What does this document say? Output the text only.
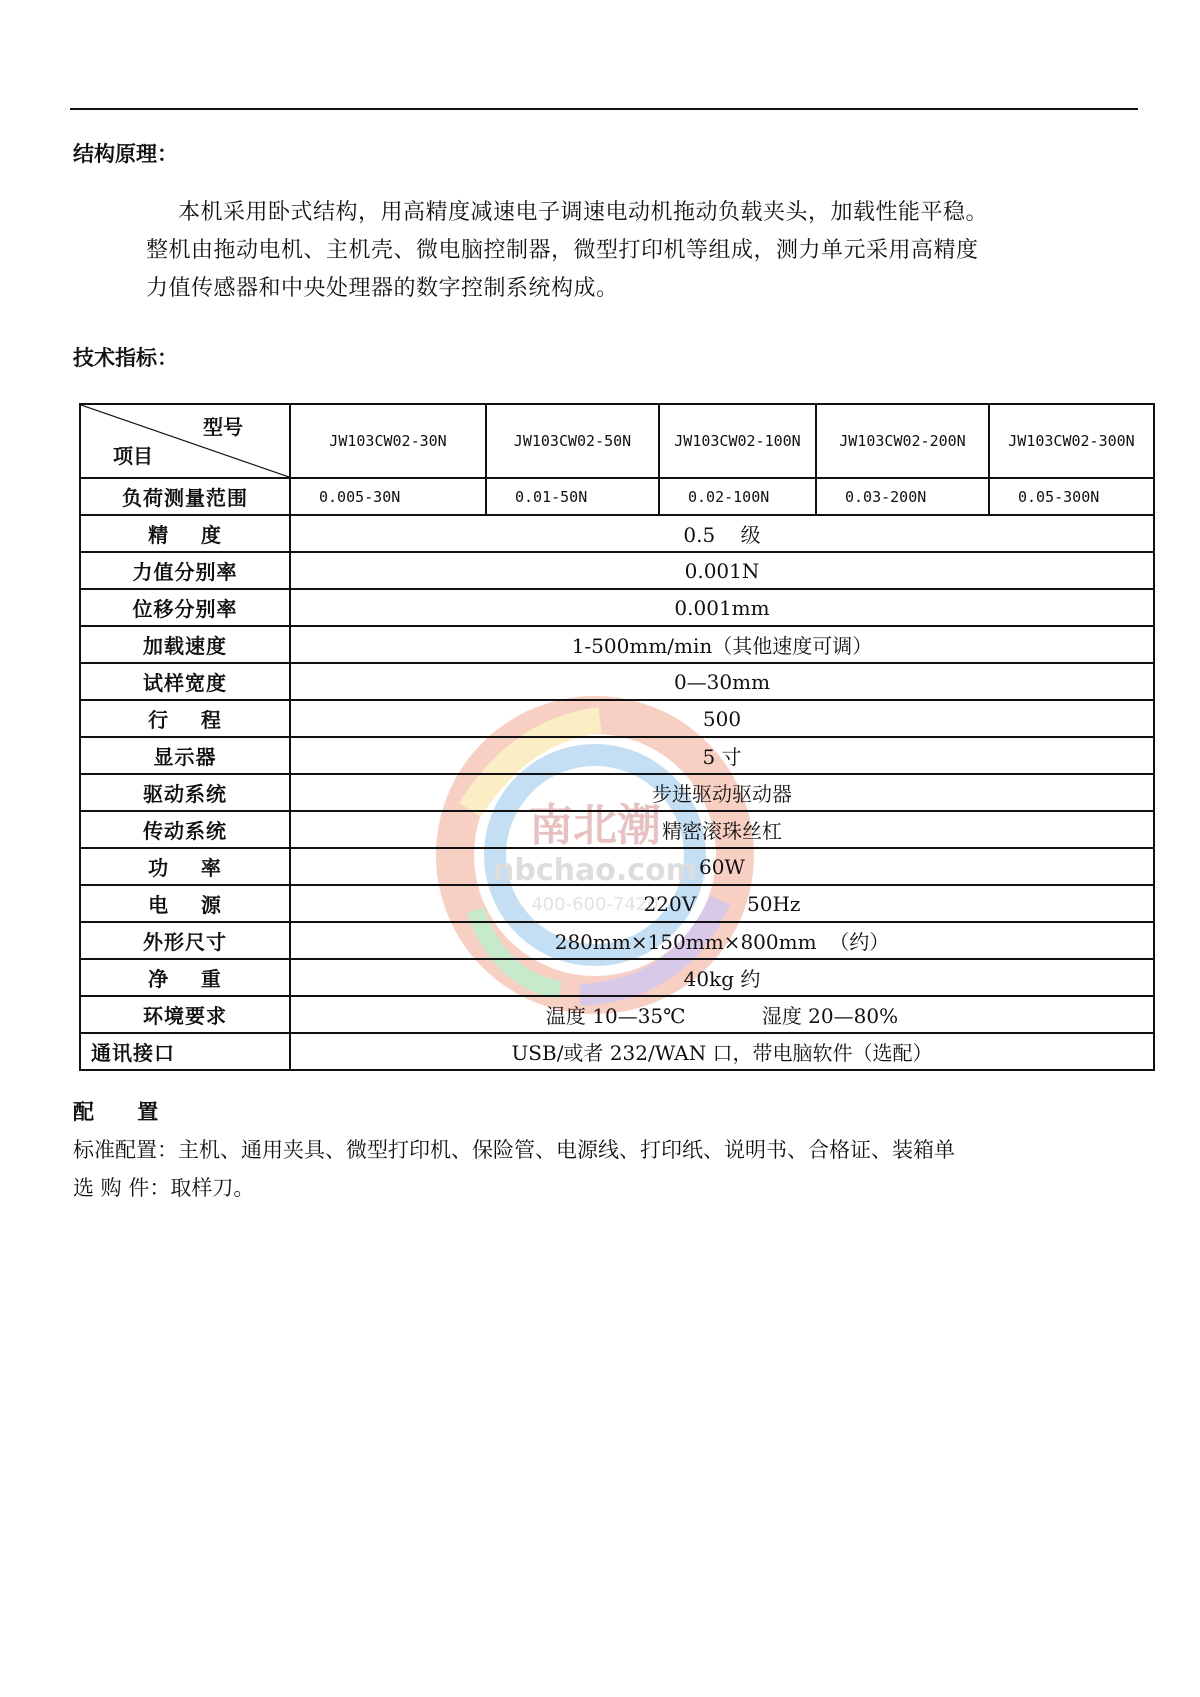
结构原理：
本机采用卧式结构，用高精度减速电子调速电动机拖动负载夹头，加载性能平稳。
整机由拖动电机、主机壳、微电脑控制器，微型打印机等组成，测力单元采用高精度
力值传感器和中央处理器的数字控制系统构成。
技术指标：
南北潮
nbchao.com
400-600-7420
型号
项目	JW103CW02-30N	JW103CW02-50N	JW103CW02-100N	JW103CW02-200N	JW103CW02-300N
负荷测量范围	0.005-30N	0.01-50N	0.02-100N	0.03-200N	0.05-300N
精    度	0.5    级				
力值分别率	0.001N				
位移分别率	0.001mm				
加载速度	1-500mm/min（其他速度可调）				
试样宽度	0—30mm				
行    程	500				
显示器	5 寸				
驱动系统	步进驱动驱动器				
传动系统	精密滚珠丝杠				
功    率	60W				
电    源	220V        50Hz				
外形尺寸	280mm×150mm×800mm  （约）				
净    重	40kg 约				
环境要求	温度 10—35℃            湿度 20—80%				
通讯接口	USB/或者 232/WAN 口，带电脑软件（选配）				
配 置
标准配置：主机、通用夹具、微型打印机、保险管、电源线、打印纸、说明书、合格证、装箱单
选 购 件：取样刀。
